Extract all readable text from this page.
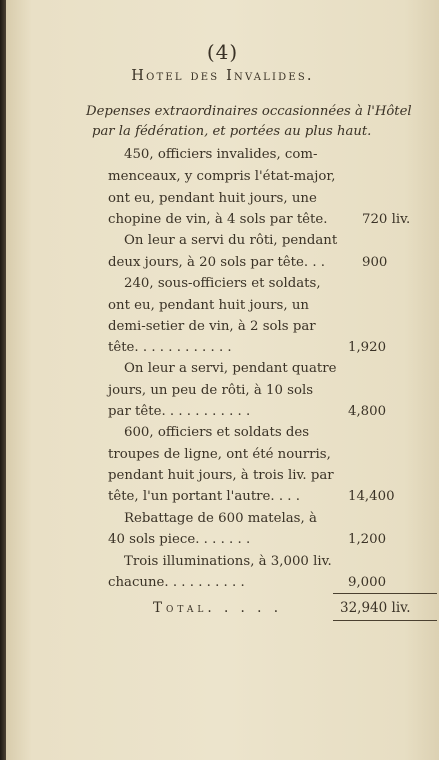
(4)
Hotel des Invalides.
Depenses extraordinaires occasionnées à l'Hôtel
par la fédération, et portées au plus haut.
450, officiers invalides, com-
menceaux, y compris l'état-major,
ont eu, pendant huit jours, une
chopine de vin, à 4 sols par tête.	720 liv.
On leur a servi du rôti, pendant
deux jours, à 20 sols par tête. . .	900
240, sous-officiers et soldats,
ont eu, pendant huit jours, un
demi-setier de vin, à 2 sols par
tête. . . . . . . . . . . .	1,920
On leur a servi, pendant quatre
jours, un peu de rôti, à 10 sols
par tête. . . . . . . . . . .	4,800
600, officiers et soldats des
troupes de ligne, ont été nourris,
pendant huit jours, à trois liv. par
tête, l'un portant l'autre. . . .	14,400
Rebattage de 600 matelas, à
40 sols piece. . . . . . .	1,200
Trois illuminations, à 3,000 liv.
chacune. . . . . . . . . .	9,000
Total. . . . .	32,940 liv.
